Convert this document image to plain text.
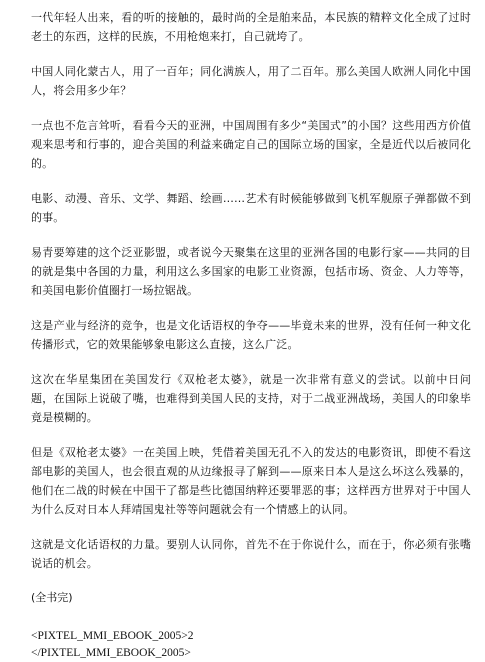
一代年轻人出来，看的听的接触的，最时尚的全是舶来品，本民族的精粹文化全成了过时老土的东西，这样的民族，不用枪炮来打，自己就垮了。

中国人同化蒙古人，用了一百年；同化满族人，用了二百年。那么美国人欧洲人同化中国人，将会用多少年？

一点也不危言耸听，看看今天的亚洲，中国周围有多少“美国式”的小国？这些用西方价值观来思考和行事的，迎合美国的利益来确定自己的国际立场的国家，全是近代以后被同化的。

电影、动漫、音乐、文学、舞蹈、绘画……艺术有时候能够做到飞机军舰原子弹都做不到的事。

易青要筹建的这个泛亚影盟，或者说今天聚集在这里的亚洲各国的电影行家——共同的目的就是集中各国的力量，利用这么多国家的电影工业资源，包括市场、资金、人力等等，和美国电影价值圈打一场拉锯战。

这是产业与经济的竞争，也是文化话语权的争夺——毕竟未来的世界，没有任何一种文化传播形式，它的效果能够象电影这么直接，这么广泛。

这次在华星集团在美国发行《双枪老太婆》，就是一次非常有意义的尝试。以前中日问题，在国际上说破了嘴，也难得到美国人民的支持，对于二战亚洲战场，美国人的印象毕竟是模糊的。

但是《双枪老太婆》一在美国上映，凭借着美国无孔不入的发达的电影资讯，即使不看这部电影的美国人，也会很直观的从边缘报寻了解到——原来日本人是这么坏这么残暴的，他们在二战的时候在中国干了都是些比德国纳粹还要罪恶的事；这样西方世界对于中国人为什么反对日本人拜靖国鬼社等等问题就会有一个情感上的认同。

这就是文化话语权的力量。要别人认同你，首先不在于你说什么，而在于，你必须有张嘴说话的机会。

(全书完)

<PIXTEL_MMI_EBOOK_2005>2

</PIXTEL_MMI_EBOOK_2005>
